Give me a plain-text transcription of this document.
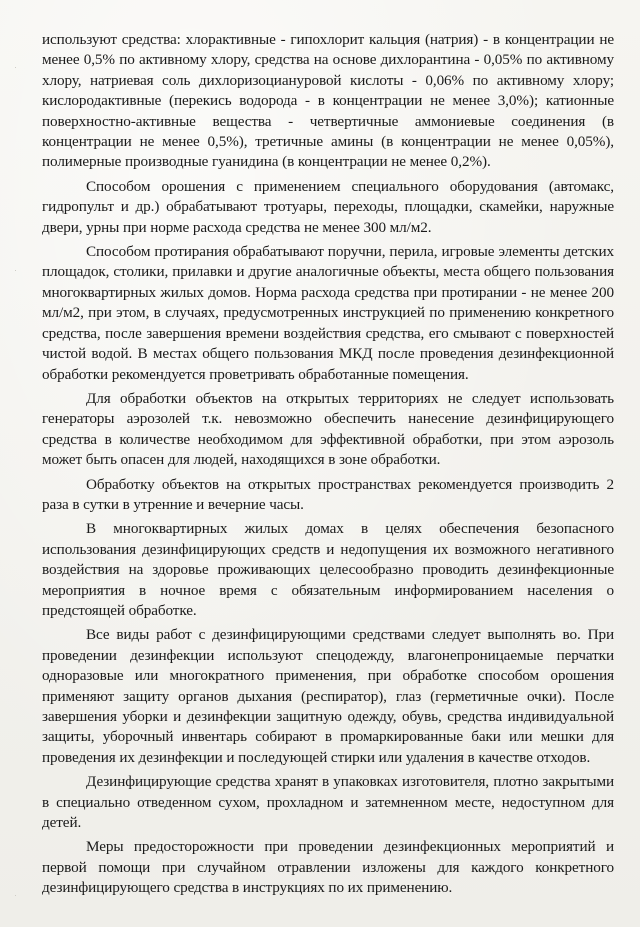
·
·
·

используют средства: хлорактивные - гипохлорит кальция (натрия) - в концентрации не менее 0,5% по активному хлору, средства на основе дихлорантина - 0,05% по активному хлору, натриевая соль дихлоризоциануровой кислоты - 0,06% по активному хлору; кислородактивные (перекись водорода - в концентрации не менее 3,0%); катионные поверхностно-активные вещества - четвертичные аммониевые соединения (в концентрации не менее 0,5%), третичные амины (в концентрации не менее 0,05%), полимерные производные гуанидина (в концентрации не менее 0,2%).

Способом орошения с применением специального оборудования (автомакс, гидропульт и др.) обрабатывают тротуары, переходы, площадки, скамейки, наружные двери, урны при норме расхода средства не менее 300 мл/м2.

Способом протирания обрабатывают поручни, перила, игровые элементы детских площадок, столики, прилавки и другие аналогичные объекты, места общего пользования многоквартирных жилых домов. Норма расхода средства при протирании - не менее 200 мл/м2, при этом, в случаях, предусмотренных инструкцией по применению конкретного средства, после завершения времени воздействия средства, его смывают с поверхностей чистой водой. В местах общего пользования МКД после проведения дезинфекционной обработки рекомендуется проветривать обработанные помещения.

Для обработки объектов на открытых территориях не следует использовать генераторы аэрозолей т.к. невозможно обеспечить нанесение дезинфицирующего средства в количестве необходимом для эффективной обработки, при этом аэрозоль может быть опасен для людей, находящихся в зоне обработки.

Обработку объектов на открытых пространствах рекомендуется производить 2 раза в сутки в утренние и вечерние часы.

В многоквартирных жилых домах в целях обеспечения безопасного использования дезинфицирующих средств и недопущения их возможного негативного воздействия на здоровье проживающих целесообразно проводить дезинфекционные мероприятия в ночное время с обязательным информированием населения о предстоящей обработке.

Все виды работ с дезинфицирующими средствами следует выполнять во. При проведении дезинфекции используют спецодежду, влагонепроницаемые перчатки одноразовые или многократного применения, при обработке способом орошения применяют защиту органов дыхания (респиратор), глаз (герметичные очки). После завершения уборки и дезинфекции защитную одежду, обувь, средства индивидуальной защиты, уборочный инвентарь собирают в промаркированные баки или мешки для проведения их дезинфекции и последующей стирки или удаления в качестве отходов.

Дезинфицирующие средства хранят в упаковках изготовителя, плотно закрытыми в специально отведенном сухом, прохладном и затемненном месте, недоступном для детей.

Меры предосторожности при проведении дезинфекционных мероприятий и первой помощи при случайном отравлении изложены для каждого конкретного дезинфицирующего средства в инструкциях по их применению.
